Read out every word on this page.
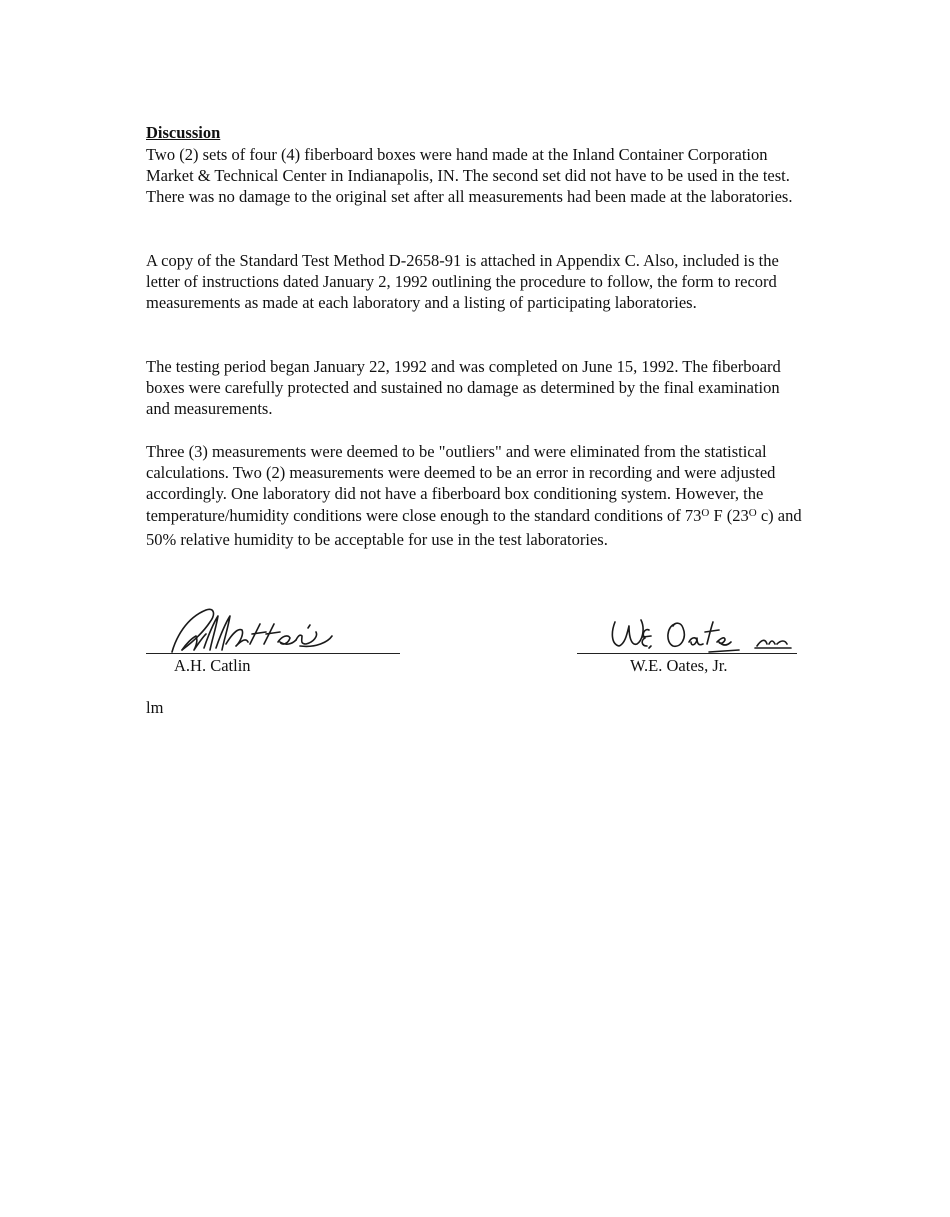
Discussion

Two (2) sets of four (4) fiberboard boxes were hand made at the Inland Container Corporation Market & Technical Center in Indianapolis, IN. The second set did not have to be used in the test. There was no damage to the original set after all measurements had been made at the laboratories.

A copy of the Standard Test Method D-2658-91 is attached in Appendix C. Also, included is the letter of instructions dated January 2, 1992 outlining the procedure to follow, the form to record measurements as made at each laboratory and a listing of participating laboratories.

The testing period began January 22, 1992 and was completed on June 15, 1992. The fiberboard boxes were carefully protected and sustained no damage as determined by the final examination and measurements.

Three (3) measurements were deemed to be "outliers" and were eliminated from the statistical calculations. Two (2) measurements were deemed to be an error in recording and were adjusted accordingly. One laboratory did not have a fiberboard box conditioning system. However, the temperature/humidity conditions were close enough to the standard conditions of $73^O$ F ($23^O$ c) and 50% relative humidity to be acceptable for use in the test laboratories.

A.H. Catlin	W.E. Oates, Jr.
lm
